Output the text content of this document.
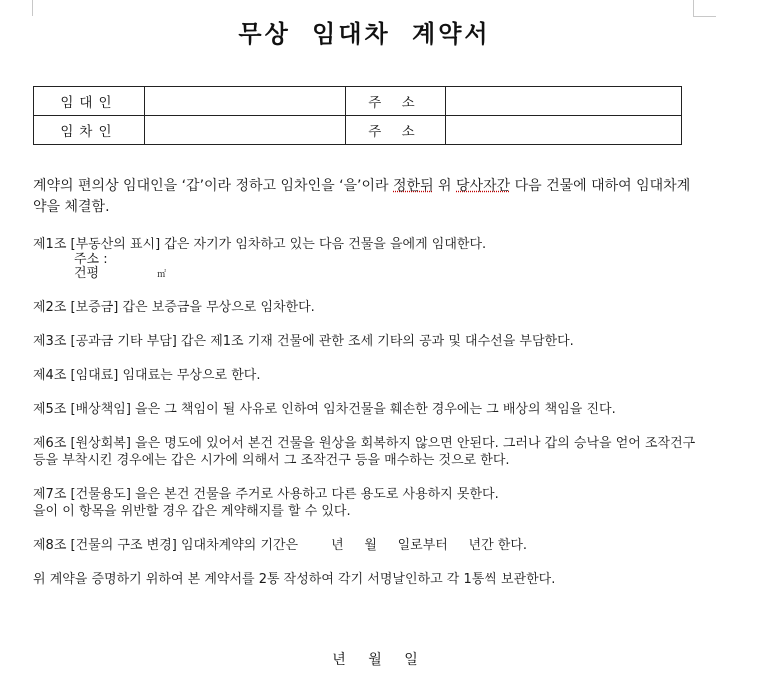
무상 임대차 계약서
임대인		주 소	
임차인		주 소	

계약의 편의상 임대인을 ‘갑’이라 정하고 임차인을 ‘을’이라 정한뒤 위 당사자간 다음 건물에 대하여 임대차계약을 체결함.

제1조 [부동산의 표시] 갑은 자기가 임차하고 있는 다음 건물을 을에게 임대한다.
주소 :
건평	㎡

제2조 [보증금] 갑은 보증금을 무상으로 임차한다.

제3조 [공과금 기타 부담] 갑은 제1조 기재 건물에 관한 조세 기타의 공과 및 대수선을 부담한다.

제4조 [임대료] 임대료는 무상으로 한다.

제5조 [배상책임] 을은 그 책임이 될 사유로 인하여 임차건물을 훼손한 경우에는 그 배상의 책임을 진다.

제6조 [원상회복] 을은 명도에 있어서 본건 건물을 원상을 회복하지 않으면 안된다. 그러나 갑의 승낙을 얻어 조작건구 등을 부착시킨 경우에는 갑은 시가에 의해서 그 조작건구 등을 매수하는 것으로 한다.

제7조 [건물용도] 을은 본건 건물을 주거로 사용하고 다른 용도로 사용하지 못한다.
을이 이 항목을 위반할 경우 갑은 계약해지를 할 수 있다.

제8조 [건물의 구조 변경] 임대차계약의 기간은        년     월     일로부터     년간 한다.

위 계약을 증명하기 위하여 본 계약서를 2통 작성하여 각기 서명날인하고 각 1통씩 보관한다.

년 월 일
